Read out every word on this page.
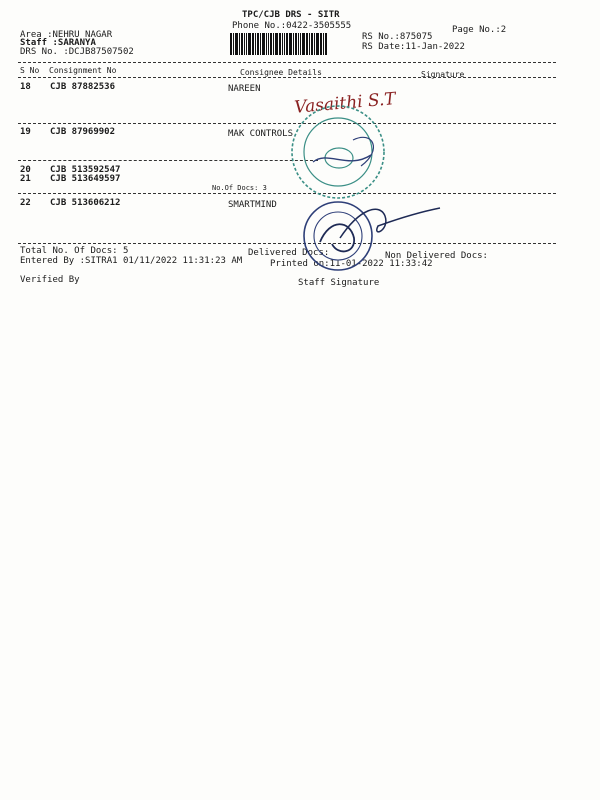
TPC/CJB DRS - SITR
Phone No.:0422-3505555	Page No.:2
Area :NEHRU NAGAR
Staff :SARANYA
DRS No. :DCJB87507502
RS No.:875075
RS Date:11-Jan-2022
S No Consignment No	Consignee Details	Signature
18 CJB 87882536	NAREEN
19 CJB 87969902	MAK CONTROLS
20 CJB 513592547
21 CJB 513649597
No.Of Docs: 3
22 CJB 513606212	SMARTMIND
Total No. Of Docs: 5	Delivered Docs:	Non Delivered Docs:
Entered By :SITRA1 01/11/2022 11:31:23 AM	Printed on:11-01-2022 11:33:42
Verified By	Staff Signature
Vasaithi S.T
